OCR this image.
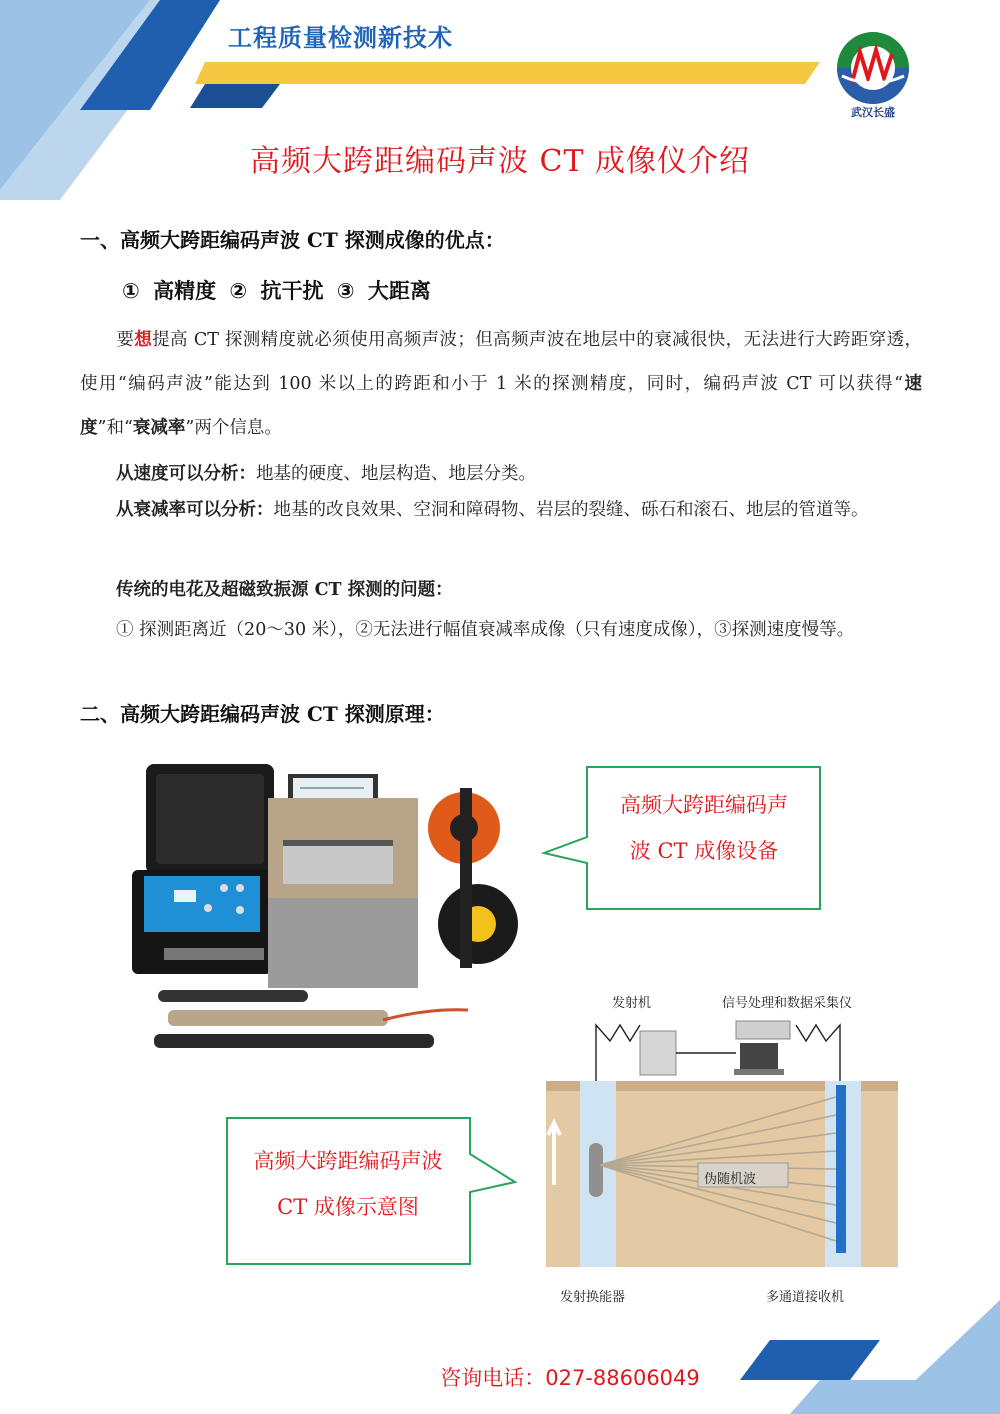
工程质量检测新技术
武汉长盛
高频大跨距编码声波 CT 成像仪介绍
一、高频大跨距编码声波 CT 探测成像的优点：
① 高精度 ② 抗干扰 ③ 大距离
要想提高 CT 探测精度就必须使用高频声波；但高频声波在地层中的衰减很快，无法进行大跨距穿透，使用“编码声波”能达到 100 米以上的跨距和小于 1 米的探测精度，同时，编码声波 CT 可以获得“速度”和“衰减率”两个信息。
从速度可以分析：地基的硬度、地层构造、地层分类。
从衰减率可以分析：地基的改良效果、空洞和障碍物、岩层的裂缝、砾石和滚石、地层的管道等。
传统的电花及超磁致振源 CT 探测的问题：
① 探测距离近（20～30 米），②无法进行幅值衰减率成像（只有速度成像），③探测速度慢等。
二、高频大跨距编码声波 CT 探测原理：
高频大跨距编码声
波 CT 成像设备
高频大跨距编码声波
CT 成像示意图
发射机	信号处理和数据采集仪
伪随机波
发射换能器	多通道接收机
咨询电话：027-88606049
